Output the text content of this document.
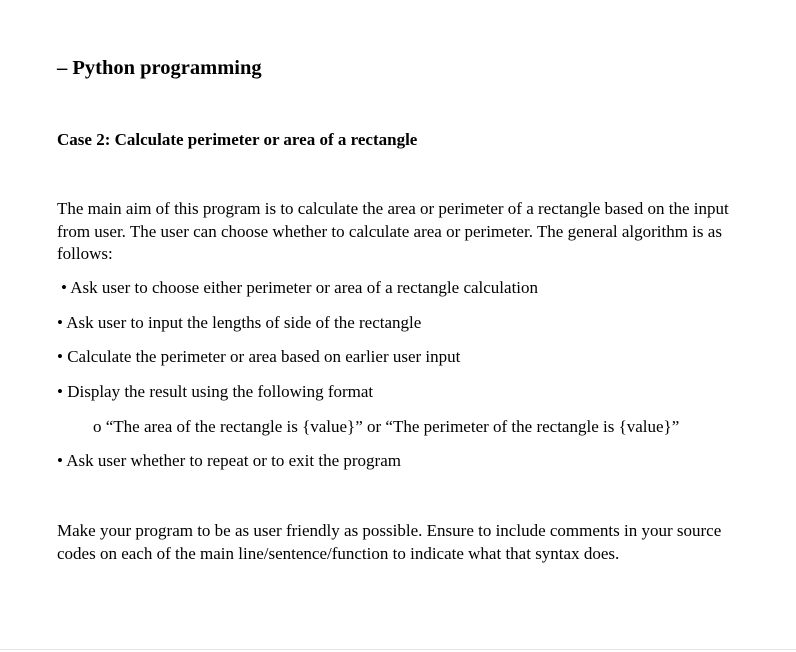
– Python programming
Case 2: Calculate perimeter or area of a rectangle
The main aim of this program is to calculate the area or perimeter of a rectangle based on the input from user. The user can choose whether to calculate area or perimeter. The general algorithm is as follows:
• Ask user to choose either perimeter or area of a rectangle calculation
• Ask user to input the lengths of side of the rectangle
• Calculate the perimeter or area based on earlier user input
• Display the result using the following format
o “The area of the rectangle is {value}” or “The perimeter of the rectangle is {value}”
• Ask user whether to repeat or to exit the program
Make your program to be as user friendly as possible. Ensure to include comments in your source codes on each of the main line/sentence/function to indicate what that syntax does.
